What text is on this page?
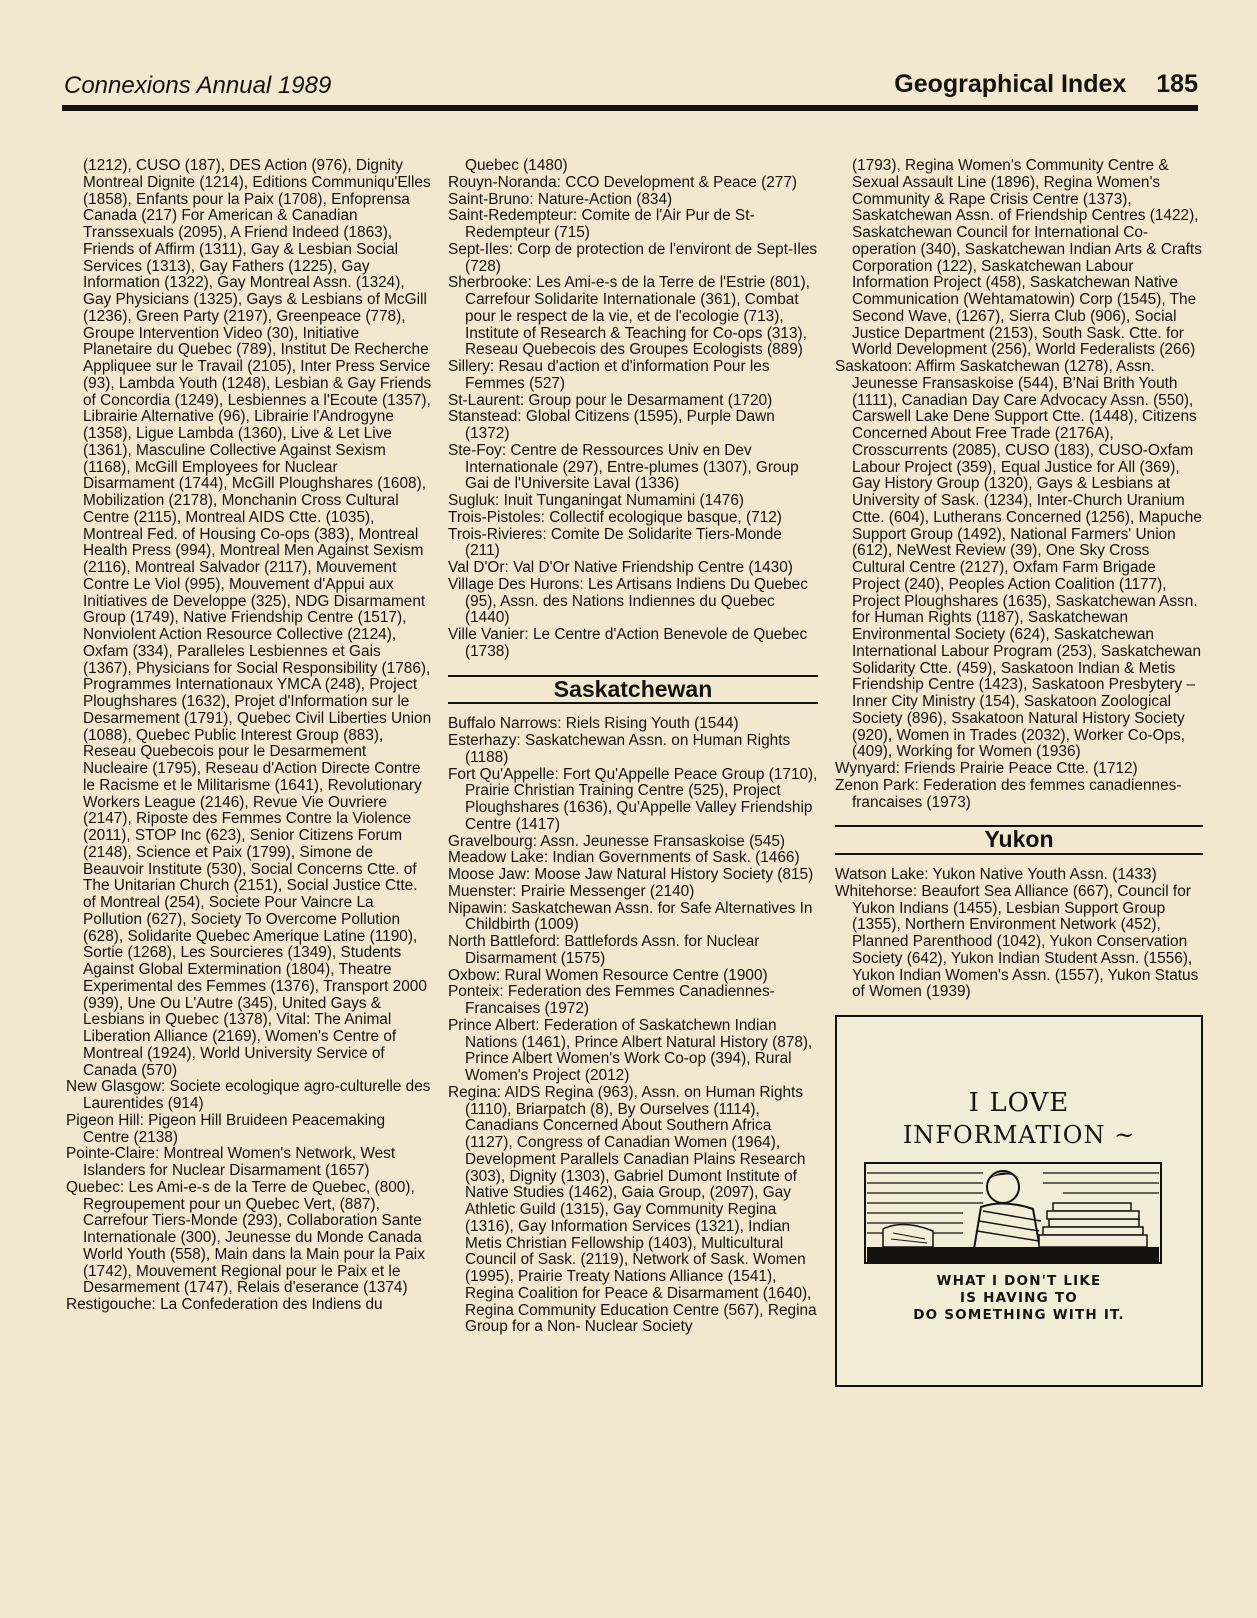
Connexions Annual 1989	Geographical Index 185

(1212), CUSO (187), DES Action (976), Dignity Montreal Dignite (1214), Editions Communiqu'Elles (1858), Enfants pour la Paix (1708), Enfoprensa Canada (217) For American & Canadian Transsexuals (2095), A Friend Indeed (1863), Friends of Affirm (1311), Gay & Lesbian Social Services (1313), Gay Fathers (1225), Gay Information (1322), Gay Montreal Assn. (1324), Gay Physicians (1325), Gays & Lesbians of McGill (1236), Green Party (2197), Greenpeace (778), Groupe Intervention Video (30), Initiative Planetaire du Quebec (789), Institut De Recherche Appliquee sur le Travail (2105), Inter Press Service (93), Lambda Youth (1248), Lesbian & Gay Friends of Concordia (1249), Lesbiennes a l'Ecoute (1357), Librairie Alternative (96), Librairie l'Androgyne (1358), Ligue Lambda (1360), Live & Let Live (1361), Masculine Collective Against Sexism (1168), McGill Employees for Nuclear Disarmament (1744), McGill Ploughshares (1608), Mobilization (2178), Monchanin Cross Cultural Centre (2115), Montreal AIDS Ctte. (1035), Montreal Fed. of Housing Co-ops (383), Montreal Health Press (994), Montreal Men Against Sexism (2116), Montreal Salvador (2117), Mouvement Contre Le Viol (995), Mouvement d'Appui aux Initiatives de Developpe (325), NDG Disarmament Group (1749), Native Friendship Centre (1517), Nonviolent Action Resource Collective (2124), Oxfam (334), Paralleles Lesbiennes et Gais (1367), Physicians for Social Responsibility (1786), Programmes Internationaux YMCA (248), Project Ploughshares (1632), Projet d'Information sur le Desarmement (1791), Quebec Civil Liberties Union (1088), Quebec Public Interest Group (883), Reseau Quebecois pour le Desarmement Nucleaire (1795), Reseau d'Action Directe Contre le Racisme et le Militarisme (1641), Revolutionary Workers League (2146), Revue Vie Ouvriere (2147), Riposte des Femmes Contre la Violence (2011), STOP Inc (623), Senior Citizens Forum (2148), Science et Paix (1799), Simone de Beauvoir Institute (530), Social Concerns Ctte. of The Unitarian Church (2151), Social Justice Ctte. of Montreal (254), Societe Pour Vaincre La Pollution (627), Society To Overcome Pollution (628), Solidarite Quebec Amerique Latine (1190), Sortie (1268), Les Sourcieres (1349), Students Against Global Extermination (1804), Theatre Experimental des Femmes (1376), Transport 2000 (939), Une Ou L'Autre (345), United Gays & Lesbians in Quebec (1378), Vital: The Animal Liberation Alliance (2169), Women's Centre of Montreal (1924), World University Service of Canada (570)

New Glasgow: Societe ecologique agro-culturelle des Laurentides (914)

Pigeon Hill: Pigeon Hill Bruideen Peacemaking Centre (2138)

Pointe-Claire: Montreal Women's Network, West Islanders for Nuclear Disarmament (1657)

Quebec: Les Ami-e-s de la Terre de Quebec, (800), Regroupement pour un Quebec Vert, (887), Carrefour Tiers-Monde (293), Collaboration Sante Internationale (300), Jeunesse du Monde Canada World Youth (558), Main dans la Main pour la Paix (1742), Mouvement Regional pour le Paix et le Desarmement (1747), Relais d'eserance (1374)

Restigouche: La Confederation des Indiens du

Quebec (1480)

Rouyn-Noranda: CCO Development & Peace (277)

Saint-Bruno: Nature-Action (834)

Saint-Redempteur: Comite de l'Air Pur de St-Redempteur (715)

Sept-Iles: Corp de protection de l'environt de Sept-Iles (728)

Sherbrooke: Les Ami-e-s de la Terre de l'Estrie (801), Carrefour Solidarite Internationale (361), Combat pour le respect de la vie, et de l'ecologie (713), Institute of Research & Teaching for Co-ops (313), Reseau Quebecois des Groupes Ecologists (889)

Sillery: Resau d'action et d'information Pour les Femmes (527)

St-Laurent: Group pour le Desarmament (1720)

Stanstead: Global Citizens (1595), Purple Dawn (1372)

Ste-Foy: Centre de Ressources Univ en Dev Internationale (297), Entre-plumes (1307), Group Gai de l'Universite Laval (1336)

Sugluk: Inuit Tunganingat Numamini (1476)

Trois-Pistoles: Collectif ecologique basque, (712)

Trois-Rivieres: Comite De Solidarite Tiers-Monde (211)

Val D'Or: Val D'Or Native Friendship Centre (1430)

Village Des Hurons: Les Artisans Indiens Du Quebec (95), Assn. des Nations Indiennes du Quebec (1440)

Ville Vanier: Le Centre d'Action Benevole de Quebec (1738)

Saskatchewan

Buffalo Narrows: Riels Rising Youth (1544)

Esterhazy: Saskatchewan Assn. on Human Rights (1188)

Fort Qu'Appelle: Fort Qu'Appelle Peace Group (1710), Prairie Christian Training Centre (525), Project Ploughshares (1636), Qu'Appelle Valley Friendship Centre (1417)

Gravelbourg: Assn. Jeunesse Fransaskoise (545)

Meadow Lake: Indian Governments of Sask. (1466)

Moose Jaw: Moose Jaw Natural History Society (815)

Muenster: Prairie Messenger (2140)

Nipawin: Saskatchewan Assn. for Safe Alternatives In Childbirth (1009)

North Battleford: Battlefords Assn. for Nuclear Disarmament (1575)

Oxbow: Rural Women Resource Centre (1900)

Ponteix: Federation des Femmes Canadiennes-Francaises (1972)

Prince Albert: Federation of Saskatchewn Indian Nations (1461), Prince Albert Natural History (878), Prince Albert Women's Work Co-op (394), Rural Women's Project (2012)

Regina: AIDS Regina (963), Assn. on Human Rights (1110), Briarpatch (8), By Ourselves (1114), Canadians Concerned About Southern Africa (1127), Congress of Canadian Women (1964), Development Parallels Canadian Plains Research (303), Dignity (1303), Gabriel Dumont Institute of Native Studies (1462), Gaia Group, (2097), Gay Athletic Guild (1315), Gay Community Regina (1316), Gay Information Services (1321), Indian Metis Christian Fellowship (1403), Multicultural Council of Sask. (2119), Network of Sask. Women (1995), Prairie Treaty Nations Alliance (1541), Regina Coalition for Peace & Disarmament (1640), Regina Community Education Centre (567), Regina Group for a Non- Nuclear Society

(1793), Regina Women's Community Centre & Sexual Assault Line (1896), Regina Women's Community & Rape Crisis Centre (1373), Saskatchewan Assn. of Friendship Centres (1422), Saskatchewan Council for International Co-operation (340), Saskatchewan Indian Arts & Crafts Corporation (122), Saskatchewan Labour Information Project (458), Saskatchewan Native Communication (Wehtamatowin) Corp (1545), The Second Wave, (1267), Sierra Club (906), Social Justice Department (2153), South Sask. Ctte. for World Development (256), World Federalists (266)

Saskatoon: Affirm Saskatchewan (1278), Assn. Jeunesse Fransaskoise (544), B'Nai Brith Youth (1111), Canadian Day Care Advocacy Assn. (550), Carswell Lake Dene Support Ctte. (1448), Citizens Concerned About Free Trade (2176A), Crosscurrents (2085), CUSO (183), CUSO-Oxfam Labour Project (359), Equal Justice for All (369), Gay History Group (1320), Gays & Lesbians at University of Sask. (1234), Inter-Church Uranium Ctte. (604), Lutherans Concerned (1256), Mapuche Support Group (1492), National Farmers' Union (612), NeWest Review (39), One Sky Cross Cultural Centre (2127), Oxfam Farm Brigade Project (240), Peoples Action Coalition (1177), Project Ploughshares (1635), Saskatchewan Assn. for Human Rights (1187), Saskatchewan Environmental Society (624), Saskatchewan International Labour Program (253), Saskatchewan Solidarity Ctte. (459), Saskatoon Indian & Metis Friendship Centre (1423), Saskatoon Presbytery – Inner City Ministry (154), Saskatoon Zoological Society (896), Ssakatoon Natural History Society (920), Women in Trades (2032), Worker Co-Ops, (409), Working for Women (1936)

Wynyard: Friends Prairie Peace Ctte. (1712)

Zenon Park: Federation des femmes canadiennes-francaises (1973)

Yukon

Watson Lake: Yukon Native Youth Assn. (1433)

Whitehorse: Beaufort Sea Alliance (667), Council for Yukon Indians (1455), Lesbian Support Group (1355), Northern Environment Network (452), Planned Parenthood (1042), Yukon Conservation Society (642), Yukon Indian Student Assn. (1556), Yukon Indian Women's Assn. (1557), Yukon Status of Women (1939)

I LOVE
INFORMATION ~
WHAT I DON'T LIKE
IS HAVING TO
DO SOMETHING WITH IT.
